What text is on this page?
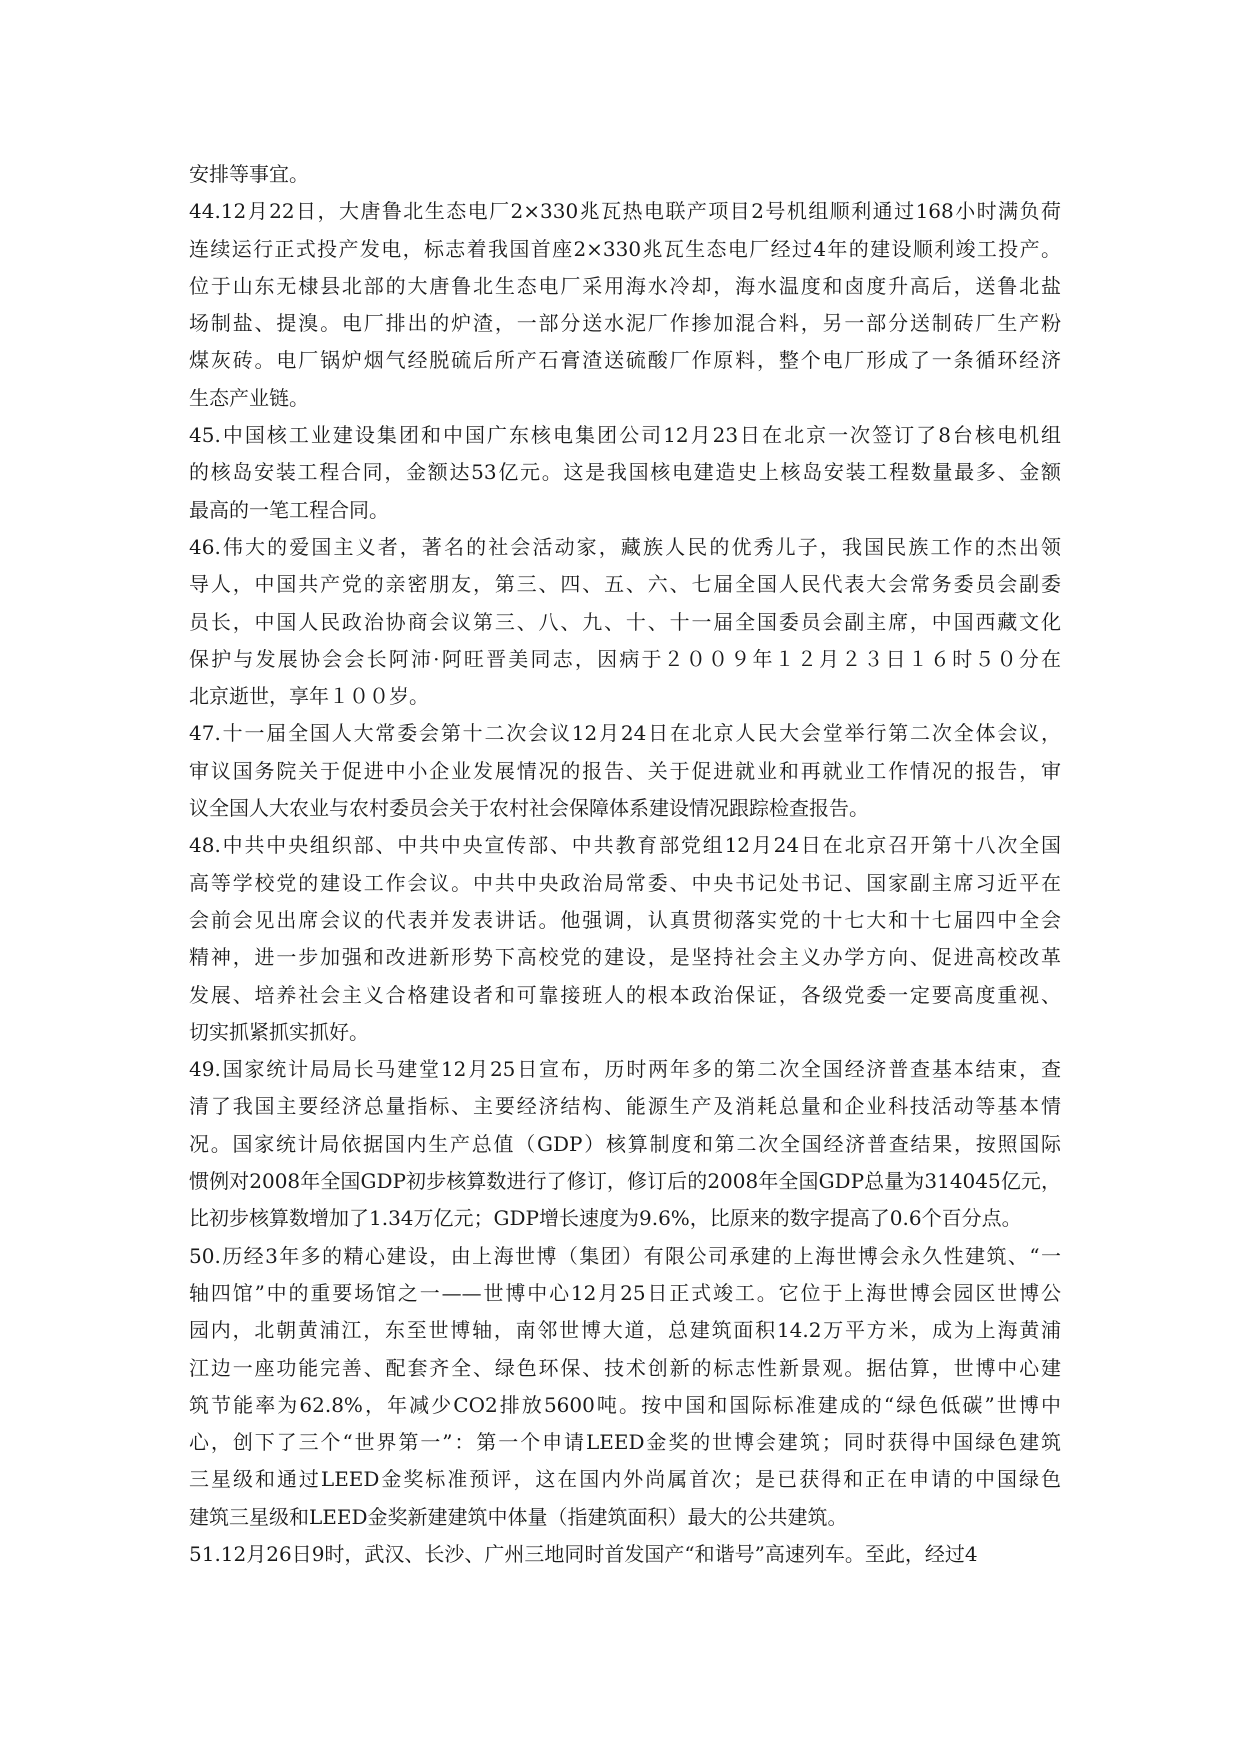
安排等事宜。
44.12月22日，大唐鲁北生态电厂2×330兆瓦热电联产项目2号机组顺利通过168小时满负荷
连续运行正式投产发电，标志着我国首座2×330兆瓦生态电厂经过4年的建设顺利竣工投产。
位于山东无棣县北部的大唐鲁北生态电厂采用海水冷却，海水温度和卤度升高后，送鲁北盐
场制盐、提溴。电厂排出的炉渣，一部分送水泥厂作掺加混合料，另一部分送制砖厂生产粉
煤灰砖。电厂锅炉烟气经脱硫后所产石膏渣送硫酸厂作原料，整个电厂形成了一条循环经济
生态产业链。
45.中国核工业建设集团和中国广东核电集团公司12月23日在北京一次签订了8台核电机组
的核岛安装工程合同，金额达53亿元。这是我国核电建造史上核岛安装工程数量最多、金额
最高的一笔工程合同。
46.伟大的爱国主义者，著名的社会活动家，藏族人民的优秀儿子，我国民族工作的杰出领
导人，中国共产党的亲密朋友，第三、四、五、六、七届全国人民代表大会常务委员会副委
员长，中国人民政治协商会议第三、八、九、十、十一届全国委员会副主席，中国西藏文化
保护与发展协会会长阿沛·阿旺晋美同志，因病于２００９年１２月２３日１６时５０分在
北京逝世，享年１００岁。
47.十一届全国人大常委会第十二次会议12月24日在北京人民大会堂举行第二次全体会议，
审议国务院关于促进中小企业发展情况的报告、关于促进就业和再就业工作情况的报告，审
议全国人大农业与农村委员会关于农村社会保障体系建设情况跟踪检查报告。
48.中共中央组织部、中共中央宣传部、中共教育部党组12月24日在北京召开第十八次全国
高等学校党的建设工作会议。中共中央政治局常委、中央书记处书记、国家副主席习近平在
会前会见出席会议的代表并发表讲话。他强调，认真贯彻落实党的十七大和十七届四中全会
精神，进一步加强和改进新形势下高校党的建设，是坚持社会主义办学方向、促进高校改革
发展、培养社会主义合格建设者和可靠接班人的根本政治保证，各级党委一定要高度重视、
切实抓紧抓实抓好。
49.国家统计局局长马建堂12月25日宣布，历时两年多的第二次全国经济普查基本结束，查
清了我国主要经济总量指标、主要经济结构、能源生产及消耗总量和企业科技活动等基本情
况。国家统计局依据国内生产总值（GDP）核算制度和第二次全国经济普查结果，按照国际
惯例对2008年全国GDP初步核算数进行了修订，修订后的2008年全国GDP总量为314045亿元，
比初步核算数增加了1.34万亿元；GDP增长速度为9.6%，比原来的数字提高了0.6个百分点。
50.历经3年多的精心建设，由上海世博（集团）有限公司承建的上海世博会永久性建筑、“一
轴四馆”中的重要场馆之一——世博中心12月25日正式竣工。它位于上海世博会园区世博公
园内，北朝黄浦江，东至世博轴，南邻世博大道，总建筑面积14.2万平方米，成为上海黄浦
江边一座功能完善、配套齐全、绿色环保、技术创新的标志性新景观。据估算，世博中心建
筑节能率为62.8%，年减少CO2排放5600吨。按中国和国际标准建成的“绿色低碳”世博中
心，创下了三个“世界第一”：第一个申请LEED金奖的世博会建筑；同时获得中国绿色建筑
三星级和通过LEED金奖标准预评，这在国内外尚属首次；是已获得和正在申请的中国绿色
建筑三星级和LEED金奖新建建筑中体量（指建筑面积）最大的公共建筑。
51.12月26日9时，武汉、长沙、广州三地同时首发国产“和谐号”高速列车。至此，经过4
